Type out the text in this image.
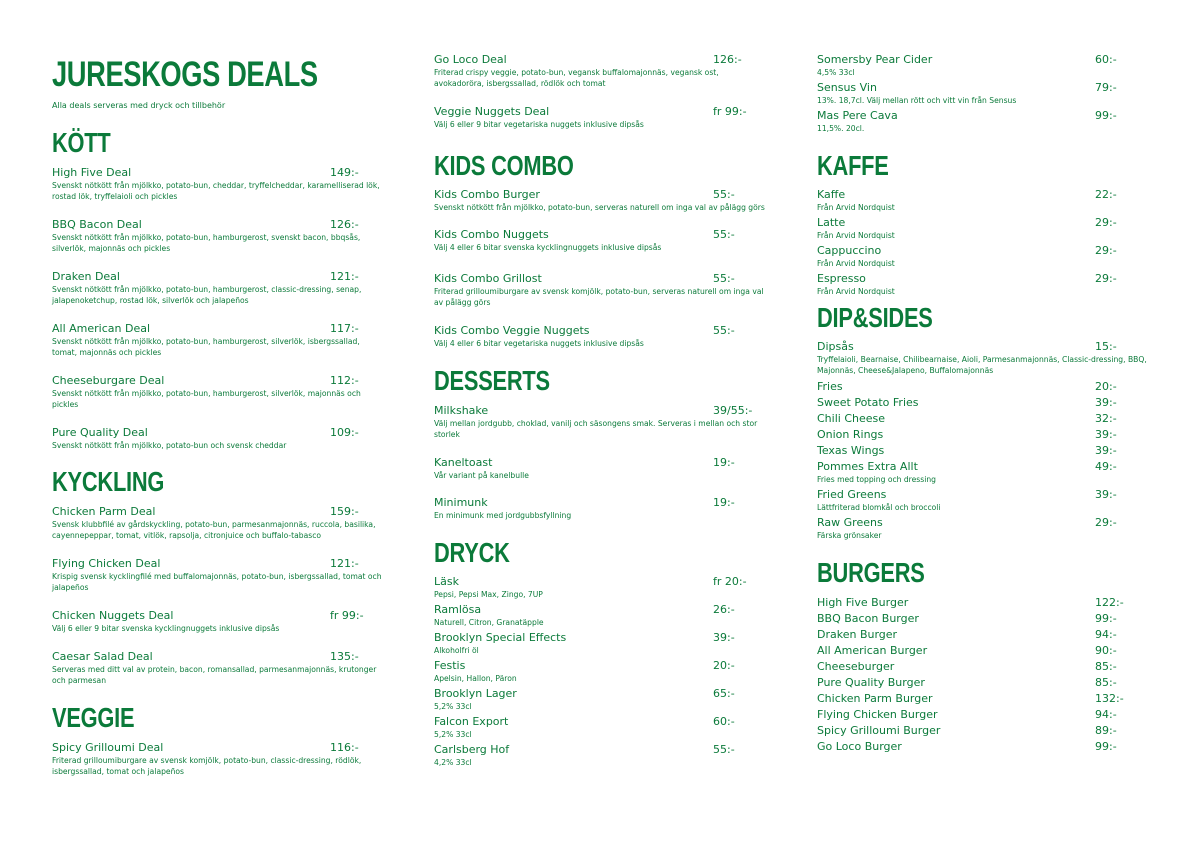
JURESKOGS DEALS
Alla deals serveras med dryck och tillbehör
KÖTT
High Five Deal	149:-
Svenskt nötkött från mjölkko, potato-bun, cheddar, tryffelcheddar, karamelliserad lök, rostad lök, tryffelaioli och pickles
BBQ Bacon Deal	126:-
Svenskt nötkött från mjölkko, potato-bun, hamburgerost, svenskt bacon, bbqsås, silverlök, majonnäs och pickles
Draken Deal	121:-
Svenskt nötkött från mjölkko, potato-bun, hamburgerost, classic-dressing, senap, jalapenoketchup, rostad lök, silverlök och jalapeños
All American Deal	117:-
Svenskt nötkött från mjölkko, potato-bun, hamburgerost, silverlök, isbergssallad, tomat, majonnäs och pickles
Cheeseburgare Deal	112:-
Svenskt nötkött från mjölkko, potato-bun, hamburgerost, silverlök, majonnäs och pickles
Pure Quality Deal	109:-
Svenskt nötkött från mjölkko, potato-bun och svensk cheddar
KYCKLING
Chicken Parm Deal	159:-
Svensk klubbfilé av gårdskyckling, potato-bun, parmesanmajonnäs, ruccola, basilika, cayennepeppar, tomat, vitlök, rapsolja, citronjuice och buffalo-tabasco
Flying Chicken Deal	121:-
Krispig svensk kycklingfilé med buffalomajonnäs, potato-bun, isbergssallad, tomat och jalapeños
Chicken Nuggets Deal	fr 99:-
Välj 6 eller 9 bitar svenska kycklingnuggets inklusive dipsås
Caesar Salad Deal	135:-
Serveras med ditt val av protein, bacon, romansallad, parmesanmajonnäs, krutonger och parmesan
VEGGIE
Spicy Grilloumi Deal	116:-
Friterad grilloumiburgare av svensk komjölk, potato-bun, classic-dressing, rödlök, isbergssallad, tomat och jalapeños
Go Loco Deal	126:-
Friterad crispy veggie, potato-bun, vegansk buffalomajonnäs, vegansk ost, avokadoröra, isbergssallad, rödlök och tomat
Veggie Nuggets Deal	fr 99:-
Välj 6 eller 9 bitar vegetariska nuggets inklusive dipsås
KIDS COMBO
Kids Combo Burger	55:-
Svenskt nötkött från mjölkko, potato-bun, serveras naturell om inga val av pålägg görs
Kids Combo Nuggets	55:-
Välj 4 eller 6 bitar svenska kycklingnuggets inklusive dipsås
Kids Combo Grillost	55:-
Friterad grilloumiburgare av svensk komjölk, potato-bun, serveras naturell om inga val av pålägg görs
Kids Combo Veggie Nuggets	55:-
Välj 4 eller 6 bitar vegetariska nuggets inklusive dipsås
DESSERTS
Milkshake	39/55:-
Välj mellan jordgubb, choklad, vanilj och säsongens smak. Serveras i mellan och stor storlek
Kaneltoast	19:-
Vår variant på kanelbulle
Minimunk	19:-
En minimunk med jordgubbsfyllning
DRYCK
Läsk	fr 20:-
Pepsi, Pepsi Max, Zingo, 7UP
Ramlösa	26:-
Naturell, Citron, Granatäpple
Brooklyn Special Effects	39:-
Alkoholfri öl
Festis	20:-
Apelsin, Hallon, Päron
Brooklyn Lager	65:-
5,2% 33cl
Falcon Export	60:-
5,2% 33cl
Carlsberg Hof	55:-
4,2% 33cl
Somersby Pear Cider	60:-
4,5% 33cl
Sensus Vin	79:-
13%. 18,7cl. Välj mellan rött och vitt vin från Sensus
Mas Pere Cava	99:-
11,5%. 20cl.
KAFFE
Kaffe	22:-
Från Arvid Nordquist
Latte	29:-
Från Arvid Nordquist
Cappuccino	29:-
Från Arvid Nordquist
Espresso	29:-
Från Arvid Nordquist
DIP&SIDES
Dipsås	15:-
Tryffelaioli, Bearnaise, Chilibearnaise, Aioli, Parmesanmajonnäs, Classic-dressing, BBQ, Majonnäs, Cheese&Jalapeno, Buffalomajonnäs
Fries	20:-
Sweet Potato Fries	39:-
Chili Cheese	32:-
Onion Rings	39:-
Texas Wings	39:-
Pommes Extra Allt	49:-
Fries med topping och dressing
Fried Greens	39:-
Lättfriterad blomkål och broccoli
Raw Greens	29:-
Färska grönsaker
BURGERS
High Five Burger	122:-
BBQ Bacon Burger	99:-
Draken Burger	94:-
All American Burger	90:-
Cheeseburger	85:-
Pure Quality Burger	85:-
Chicken Parm Burger	132:-
Flying Chicken Burger	94:-
Spicy Grilloumi Burger	89:-
Go Loco Burger	99:-
